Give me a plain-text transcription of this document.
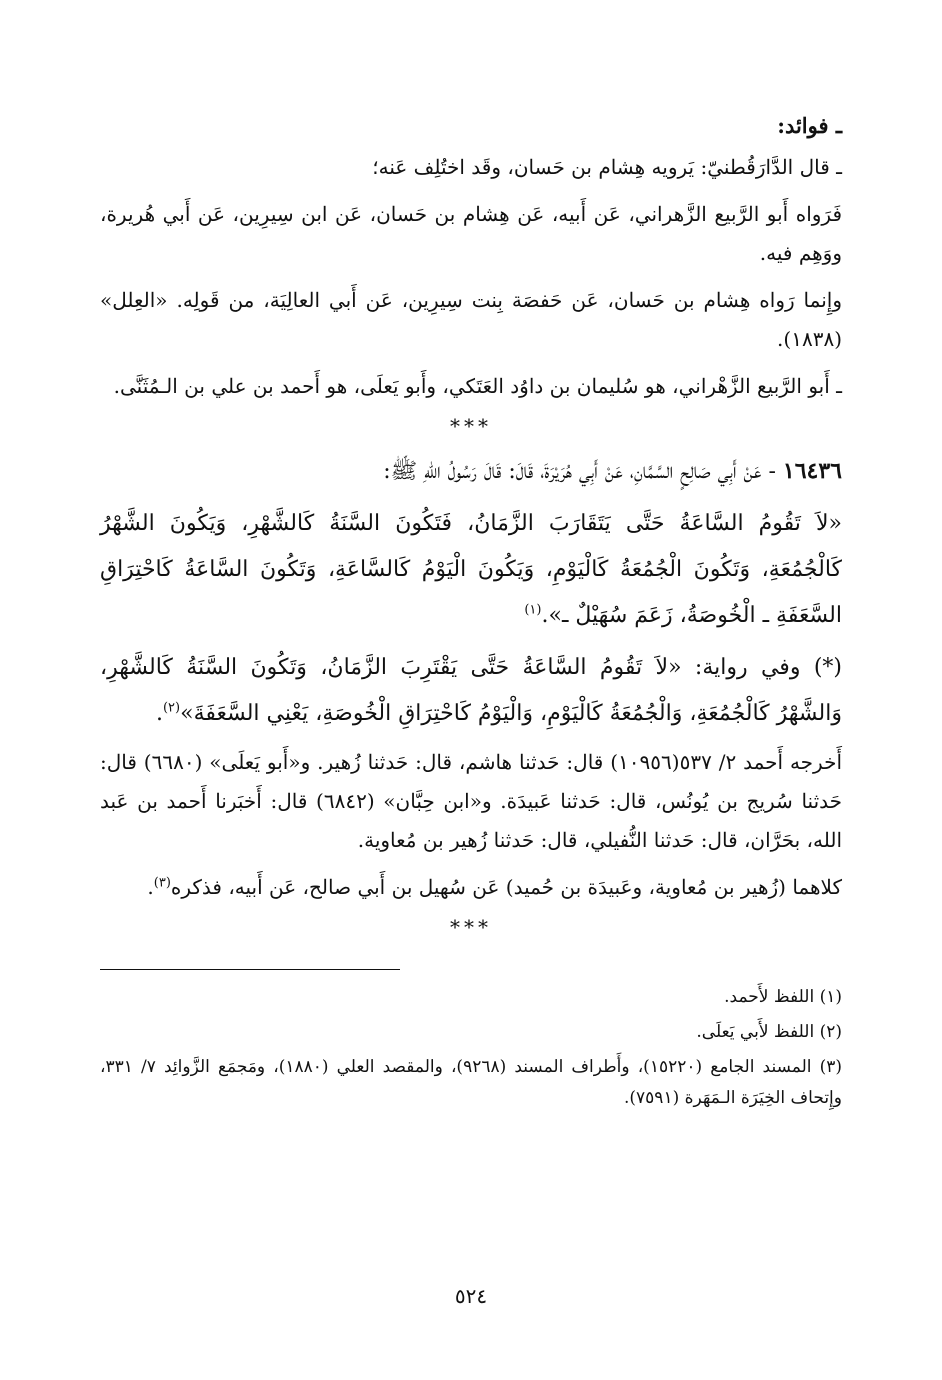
ـ فوائد:

ـ قال الدَّارَقُطنيّ: يَرويه هِشام بن حَسان، وقَد اختُلِف عَنه؛

فَرَواه أَبو الرَّبيع الزَّهراني، عَن أَبيه، عَن هِشام بن حَسان، عَن ابن سِيرِين، عَن أَبي هُريرة، ووَهِم فيه.

وإِنما رَواه هِشام بن حَسان، عَن حَفصَة بِنت سِيرِين، عَن أَبي العالِيَة، من قَولِه. «العِلل» (١٨٣٨).

ـ أَبو الرَّبيع الزَّهْراني، هو سُليمان بن داوُد العَتَكي، وأَبو يَعلَى، هو أَحمد بن علي بن الـمُثَنَّى.

***

١٦٤٣٦ - عَنْ أَبِي صَالِحٍ السَّمَّانِ، عَنْ أَبِي هُرَيْرَةَ، قَالَ: قَالَ رَسُولُ اللهِ ﷺ:

«لاَ تَقُومُ السَّاعَةُ حَتَّى يَتَقَارَبَ الزَّمَانُ، فَتَكُونَ السَّنَةُ كَالشَّهْرِ، وَيَكُونَ الشَّهْرُ كَالْجُمُعَةِ، وَتَكُونَ الْجُمُعَةُ كَالْيَوْمِ، وَيَكُونَ الْيَوْمُ كَالسَّاعَةِ، وَتَكُونَ السَّاعَةُ كَاحْتِرَاقِ السَّعَفَةِ ـ الْخُوصَةُ، زَعَمَ سُهَيْلٌ ـ».$^{(١)}$

(*) وفي رواية: «لاَ تَقُومُ السَّاعَةُ حَتَّى يَقْتَرِبَ الزَّمَانُ، وَتَكُونَ السَّنَةُ كَالشَّهْرِ، وَالشَّهْرُ كَالْجُمُعَةِ، وَالْجُمُعَةُ كَالْيَوْمِ، وَالْيَوْمُ كَاحْتِرَاقِ الْخُوصَةِ، يَعْنِي السَّعَفَةَ»$^{(٢)}$.

أَخرجه أَحمد ٢/ ٥٣٧(١٠٩٥٦) قال: حَدثنا هاشم، قال: حَدثنا زُهير. و«أَبو يَعلَى» (٦٦٨٠) قال: حَدثنا سُريج بن يُونُس، قال: حَدثنا عَبيدَة. و«ابن حِبَّان» (٦٨٤٢) قال: أَخبَرنا أَحمد بن عَبد الله، بحَرَّان، قال: حَدثنا النُّفيلي، قال: حَدثنا زُهير بن مُعاوية.

كلاهما (زُهير بن مُعاوية، وعَبيدَة بن حُميد) عَن سُهيل بن أَبي صالح، عَن أَبيه، فذكره$^{(٣)}$.

***

(١) اللفظ لأَحمد.

(٢) اللفظ لأَبي يَعلَى.

(٣) المسند الجامع (١٥٢٢٠)، وأَطراف المسند (٩٢٦٨)، والمقصد العلي (١٨٨٠)، ومَجمَع الزَّوائِد ٧/ ٣٣١، وإِتحاف الخِيَرَة الـمَهَرة (٧٥٩١).

٥٢٤
